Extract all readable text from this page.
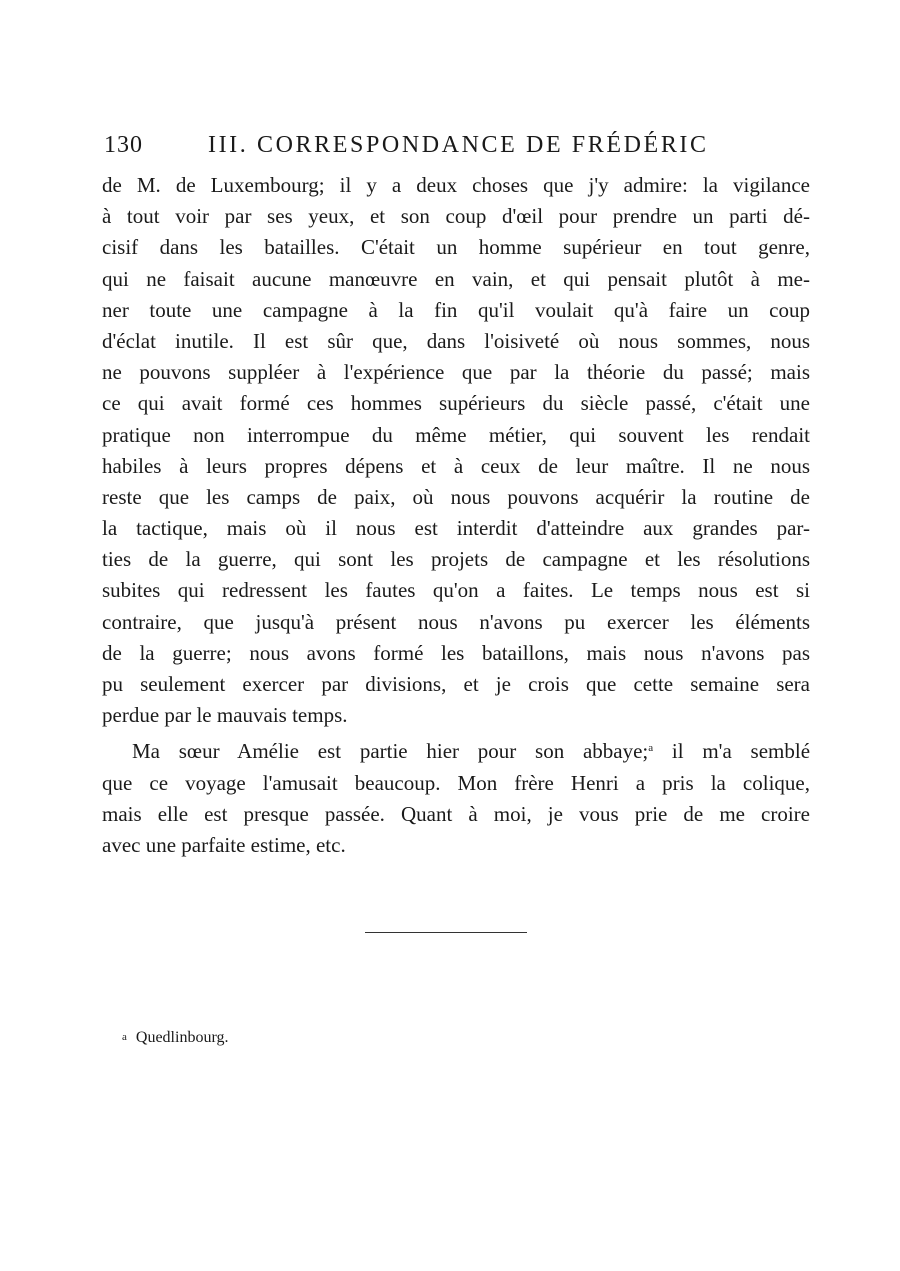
130	III. CORRESPONDANCE DE FRÉDÉRIC
de M. de Luxembourg; il y a deux choses que j'y admire: la vigilance
à tout voir par ses yeux, et son coup d'œil pour prendre un parti dé-
cisif dans les batailles. C'était un homme supérieur en tout genre,
qui ne faisait aucune manœuvre en vain, et qui pensait plutôt à me-
ner toute une campagne à la fin qu'il voulait qu'à faire un coup
d'éclat inutile. Il est sûr que, dans l'oisiveté où nous sommes, nous
ne pouvons suppléer à l'expérience que par la théorie du passé; mais
ce qui avait formé ces hommes supérieurs du siècle passé, c'était une
pratique non interrompue du même métier, qui souvent les rendait
habiles à leurs propres dépens et à ceux de leur maître. Il ne nous
reste que les camps de paix, où nous pouvons acquérir la routine de
la tactique, mais où il nous est interdit d'atteindre aux grandes par-
ties de la guerre, qui sont les projets de campagne et les résolutions
subites qui redressent les fautes qu'on a faites. Le temps nous est si
contraire, que jusqu'à présent nous n'avons pu exercer les éléments
de la guerre; nous avons formé les bataillons, mais nous n'avons pas
pu seulement exercer par divisions, et je crois que cette semaine sera
perdue par le mauvais temps.
Ma sœur Amélie est partie hier pour son abbaye;$^a$ il m'a semblé
que ce voyage l'amusait beaucoup. Mon frère Henri a pris la colique,
mais elle est presque passée. Quant à moi, je vous prie de me croire
avec une parfaite estime, etc.
$^a$ Quedlinbourg.
